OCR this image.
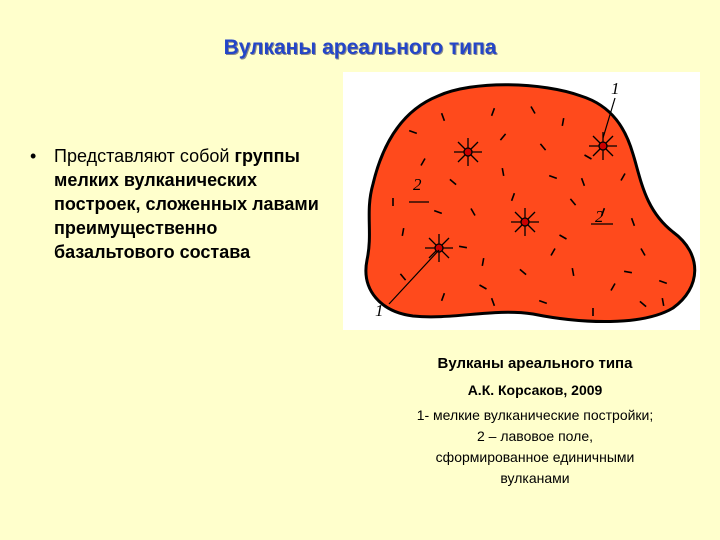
Вулканы ареального типа
• Представляют собой группы мелких вулканических построек, сложенных лавами преимущественно базальтового состава
1
1
2
2
Вулканы ареального типа
А.К. Корсаков, 2009
1- мелкие вулканические постройки;
2 – лавовое поле,
сформированное единичными
вулканами
